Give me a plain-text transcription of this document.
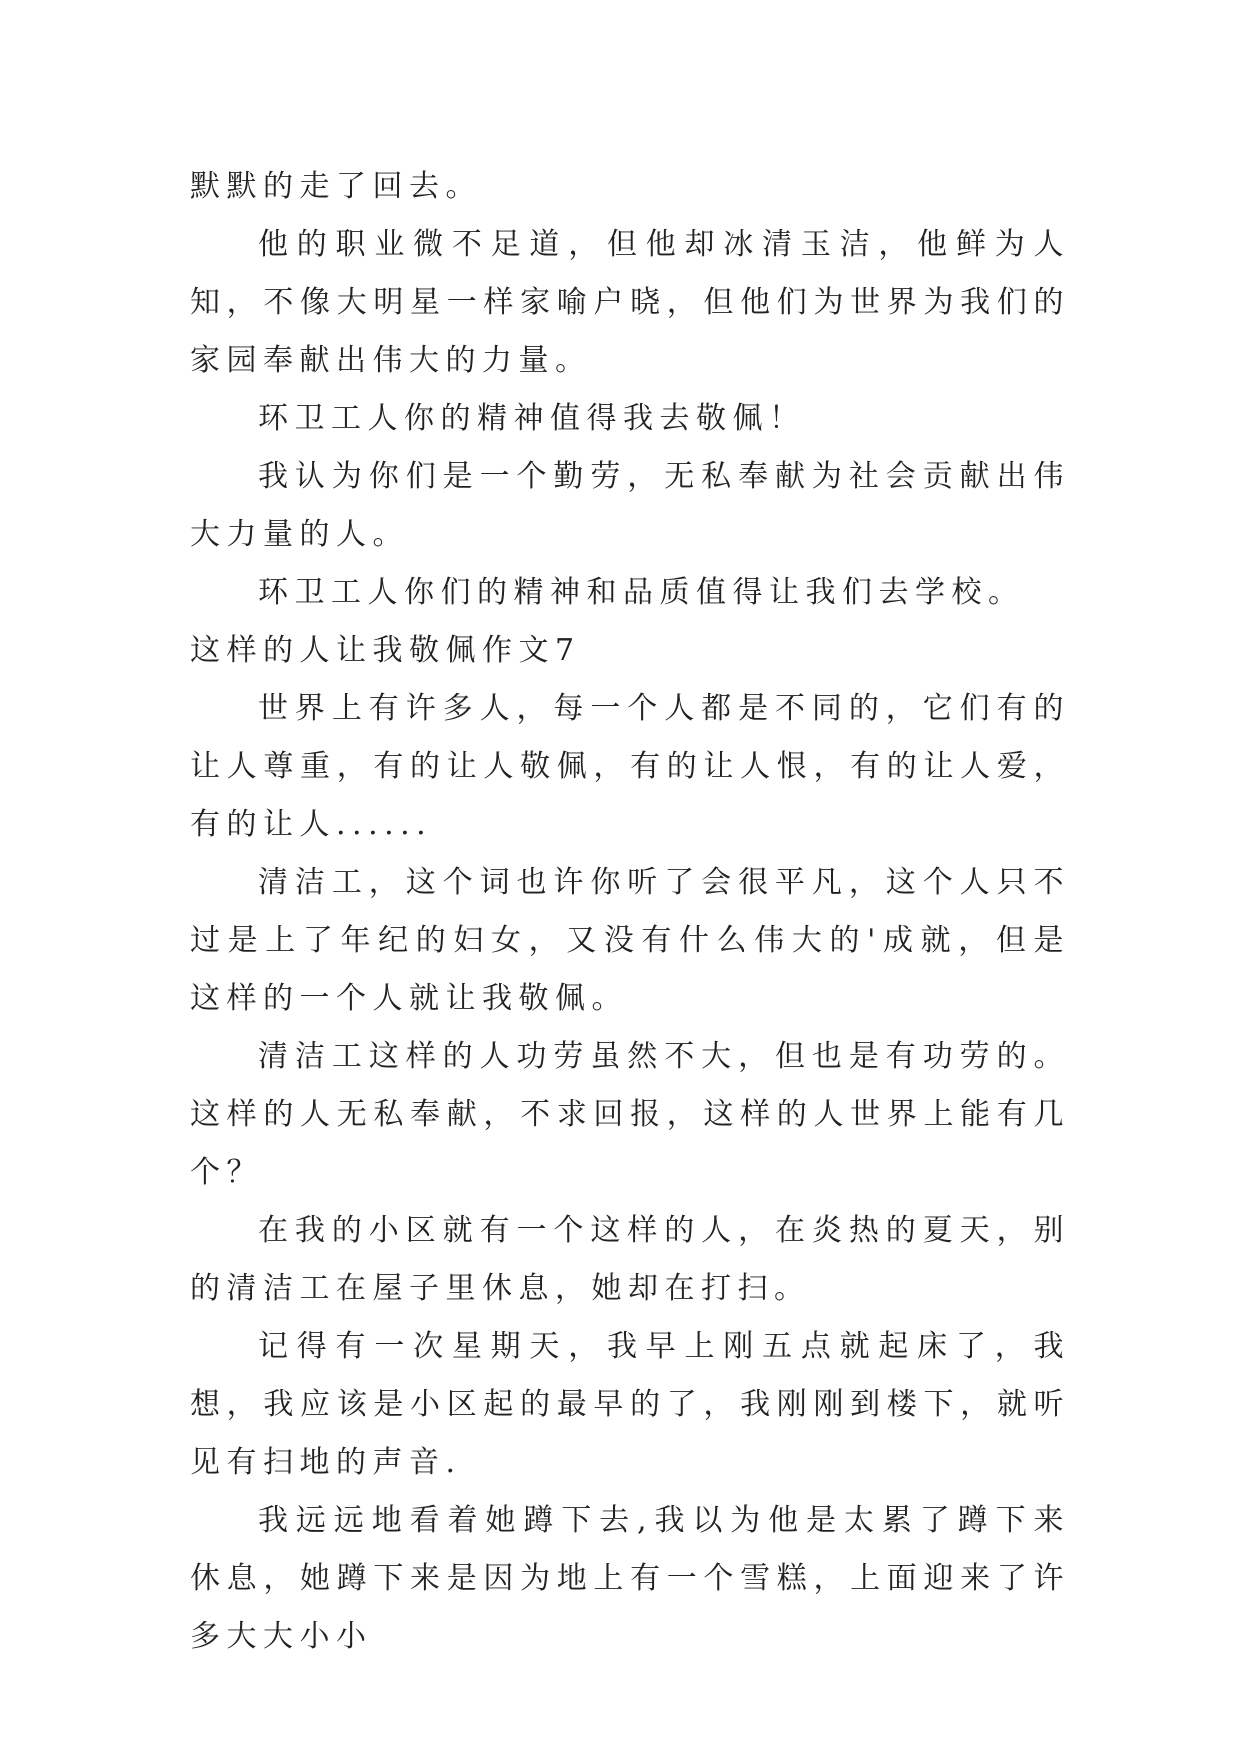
默默的走了回去。

他的职业微不足道，但他却冰清玉洁，他鲜为人知，不像大明星一样家喻户晓，但他们为世界为我们的家园奉献出伟大的力量。

环卫工人你的精神值得我去敬佩！

我认为你们是一个勤劳，无私奉献为社会贡献出伟大力量的人。

环卫工人你们的精神和品质值得让我们去学校。

这样的人让我敬佩作文7

世界上有许多人，每一个人都是不同的，它们有的让人尊重，有的让人敬佩，有的让人恨，有的让人爱，有的让人......

清洁工，这个词也许你听了会很平凡，这个人只不过是上了年纪的妇女，又没有什么伟大的'成就，但是这样的一个人就让我敬佩。

清洁工这样的人功劳虽然不大，但也是有功劳的。这样的人无私奉献，不求回报，这样的人世界上能有几个？

在我的小区就有一个这样的人，在炎热的夏天，别的清洁工在屋子里休息，她却在打扫。

记得有一次星期天，我早上刚五点就起床了，我想，我应该是小区起的最早的了，我刚刚到楼下，就听见有扫地的声音.

我远远地看着她蹲下去,我以为他是太累了蹲下来休息，她蹲下来是因为地上有一个雪糕，上面迎来了许多大大小小
